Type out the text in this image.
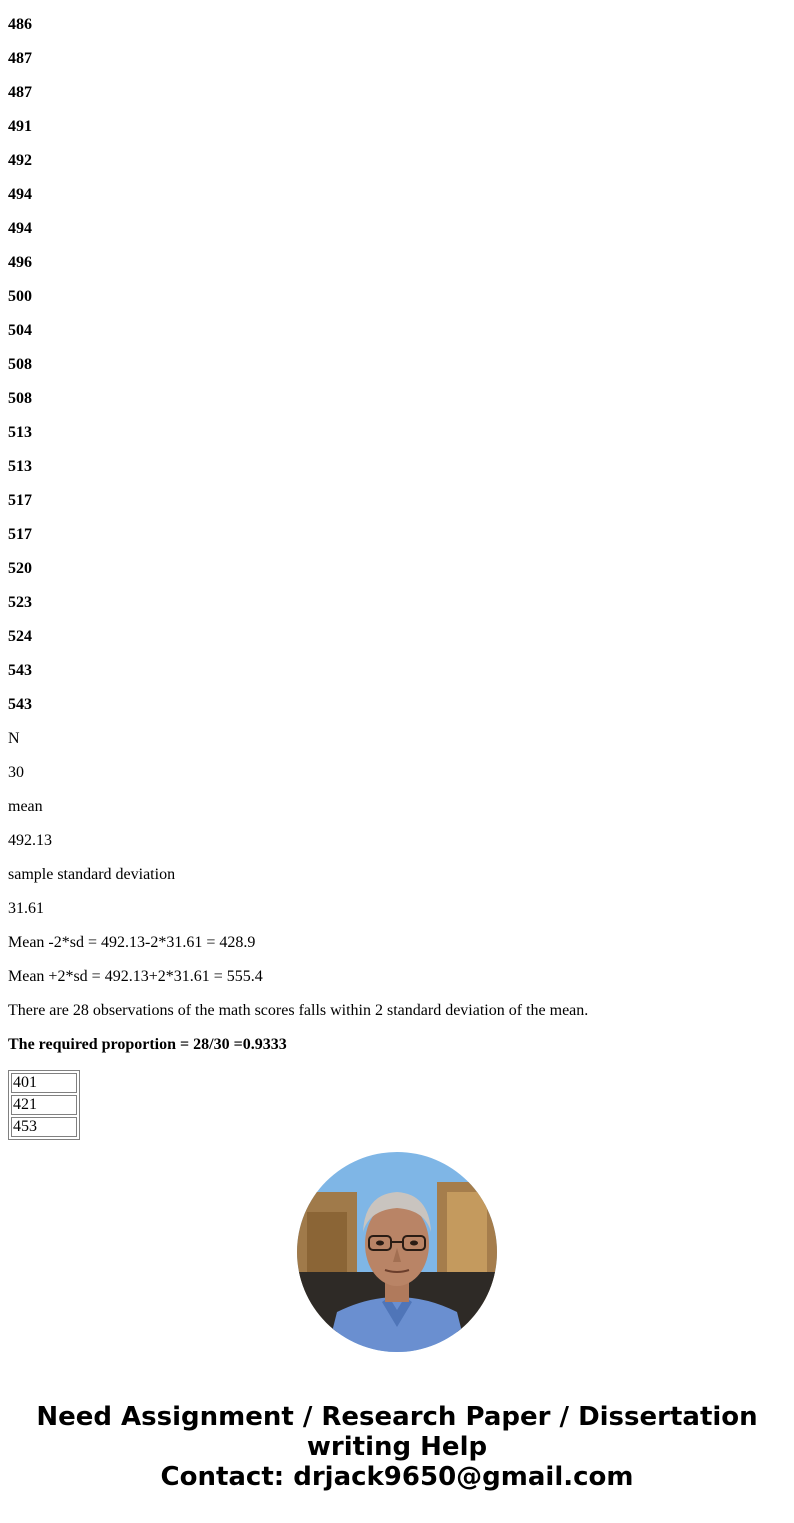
486

487

487

491

492

494

494

496

500

504

508

508

513

513

517

517

520

523

524

543

543

N

30

mean

492.13

sample standard deviation

31.61

Mean -2*sd = 492.13-2*31.61 = 428.9

Mean +2*sd = 492.13+2*31.61 = 555.4

There are 28 observations of the math scores falls within 2 standard deviation of the mean.

The required proportion = 28/30 =0.9333

401
421
453
Need Assignment / Research Paper / Dissertation
writing Help
Contact: drjack9650@gmail.com
